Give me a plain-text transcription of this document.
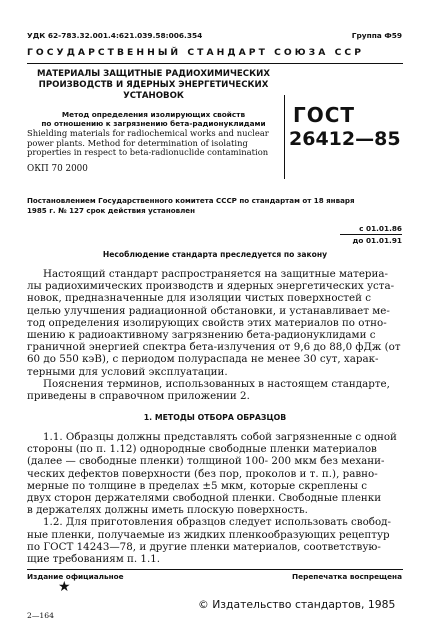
УДК 62-783.32.001.4:621.039.58:006.354	Группа Ф59
ГОСУДАРСТВЕННЫЙ СТАНДАРТ СОЮЗА ССР
МАТЕРИАЛЫ ЗАЩИТНЫЕ РАДИОХИМИЧЕСКИХ
ПРОИЗВОДСТВ И ЯДЕРНЫХ ЭНЕРГЕТИЧЕСКИХ
УСТАНОВОК
Метод определения изолирующих свойств
по отношению к загрязнению бета-радионуклидами
Shielding materials for radiochemical works and nuclear
power plants. Method for determination of isolating
properties in respect to beta-radionuclide contamination
ОКП 70 2000
ГОСТ
26412—85
Постановлением Государственного комитета СССР по стандартам от 18 января
1985 г. № 127 срок действия установлен
с 01.01.86
до 01.01.91
Несоблюдение стандарта преследуется по закону

Настоящий стандарт распространяется на защитные материа-

лы радиохимических производств и ядерных энергетических уста-

новок, предназначенные для изоляции чистых поверхностей с

целью улучшения радиационной обстановки, и устанавливает ме-

тод определения изолирующих свойств этих материалов по отно-

шению к радиоактивному загрязнению бета-радионуклидами с

граничной энергией спектра бета-излучения от 9,6 до 88,0 фДж (от

60 до 550 кэВ), с периодом полураспада не менее 30 сут, харак-

терными для условий эксплуатации.

Пояснения терминов, использованных в настоящем стандарте,

приведены в справочном приложении 2.

1. МЕТОДЫ ОТБОРА ОБРАЗЦОВ

1.1. Образцы должны представлять собой загрязненные с одной

стороны (по п. 1.12) однородные свободные пленки материалов

(далее — свободные пленки) толщиной 100- 200 мкм без механи-

ческих дефектов поверхности (без пор, проколов и т. п.), равно-

мерные по толщине в пределах ±5 мкм, которые скреплены с

двух сторон держателями свободной пленки. Свободные пленки

в держателях должны иметь плоскую поверхность.

1.2. Для приготовления образцов следует использовать свобод-

ные пленки, получаемые из жидких пленкообразующих рецептур

по ГОСТ 14243—78, и другие пленки материалов, соответствую-

щие требованиям п. 1.1.

Издание официальное	Перепечатка воспрещена
★
© Издательство стандартов, 1985
2—164
